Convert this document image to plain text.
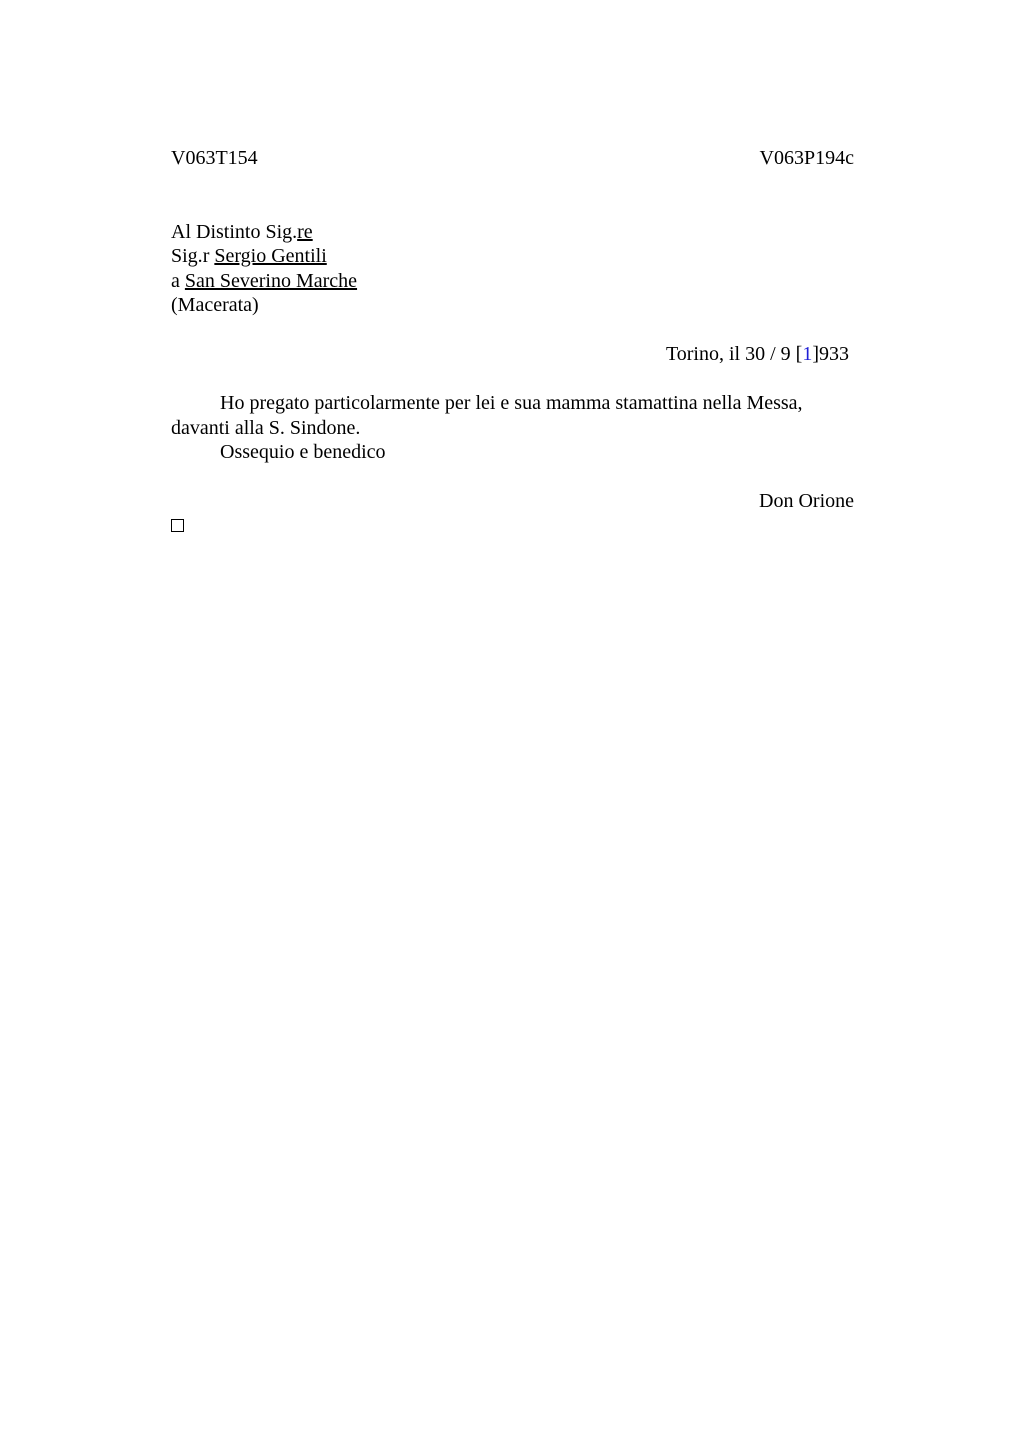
V063T154	V063P194c
Al Distinto Sig.re
Sig.r Sergio Gentili
a San Severino Marche
(Macerata)
Torino, il 30 / 9 [1]933
Ho pregato particolarmente per lei e sua mamma stamattina nella Messa, davanti alla S. Sindone.
Ossequio e benedico
Don Orione
